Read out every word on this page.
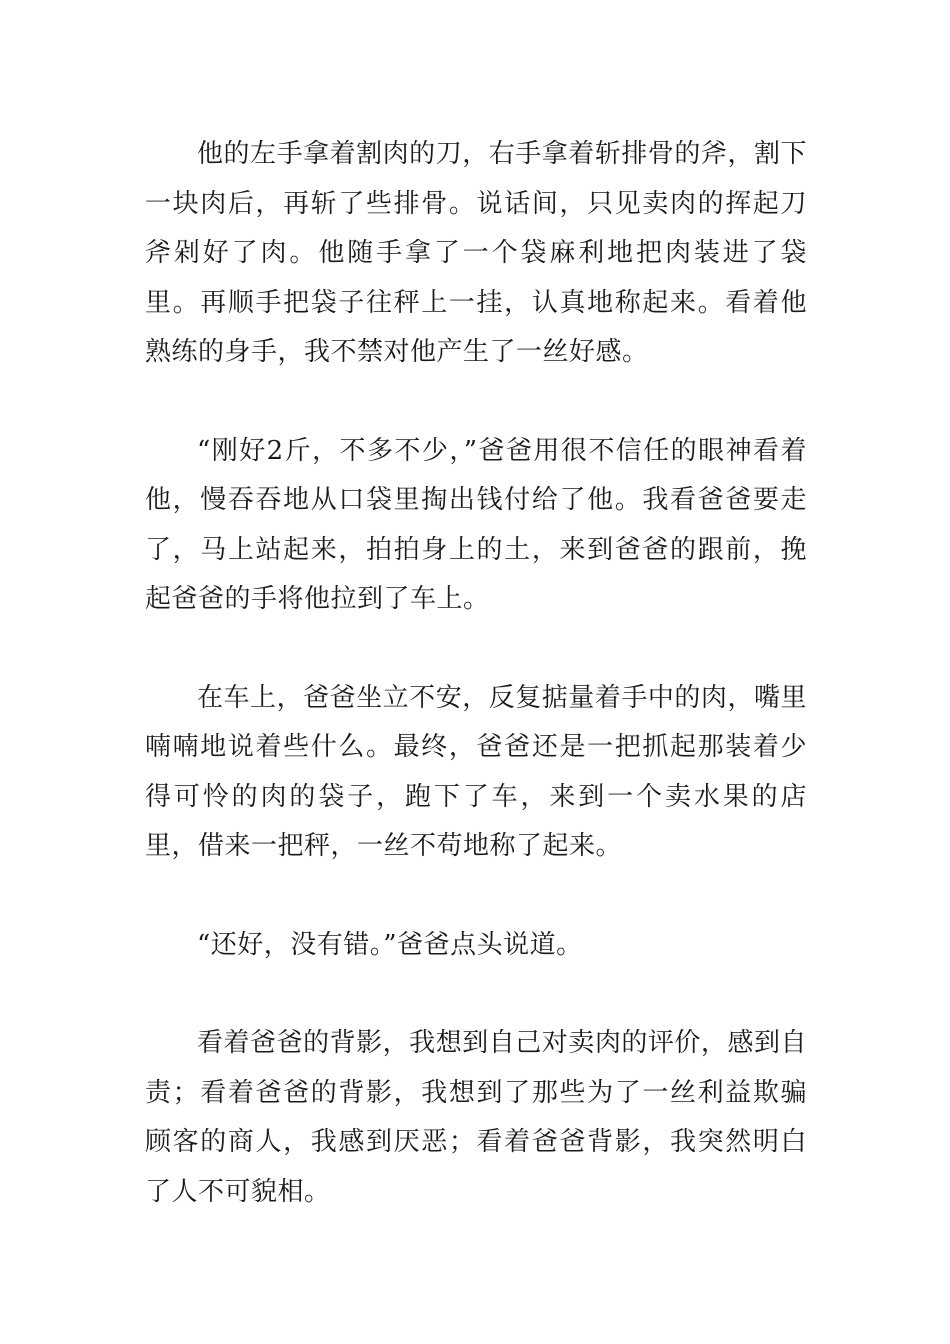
他的左手拿着割肉的刀，右手拿着斩排骨的斧，割下一块肉后，再斩了些排骨。说话间，只见卖肉的挥起刀斧剁好了肉。他随手拿了一个袋麻利地把肉装进了袋里。再顺手把袋子往秤上一挂，认真地称起来。看着他熟练的身手，我不禁对他产生了一丝好感。

“刚好2斤，不多不少，”爸爸用很不信任的眼神看着他，慢吞吞地从口袋里掏出钱付给了他。我看爸爸要走了，马上站起来，拍拍身上的土，来到爸爸的跟前，挽起爸爸的手将他拉到了车上。

在车上，爸爸坐立不安，反复掂量着手中的肉，嘴里喃喃地说着些什么。最终，爸爸还是一把抓起那装着少得可怜的肉的袋子，跑下了车，来到一个卖水果的店里，借来一把秤，一丝不苟地称了起来。

“还好，没有错。”爸爸点头说道。

看着爸爸的背影，我想到自己对卖肉的评价，感到自责；看着爸爸的背影，我想到了那些为了一丝利益欺骗顾客的商人，我感到厌恶；看着爸爸背影，我突然明白了人不可貌相。
